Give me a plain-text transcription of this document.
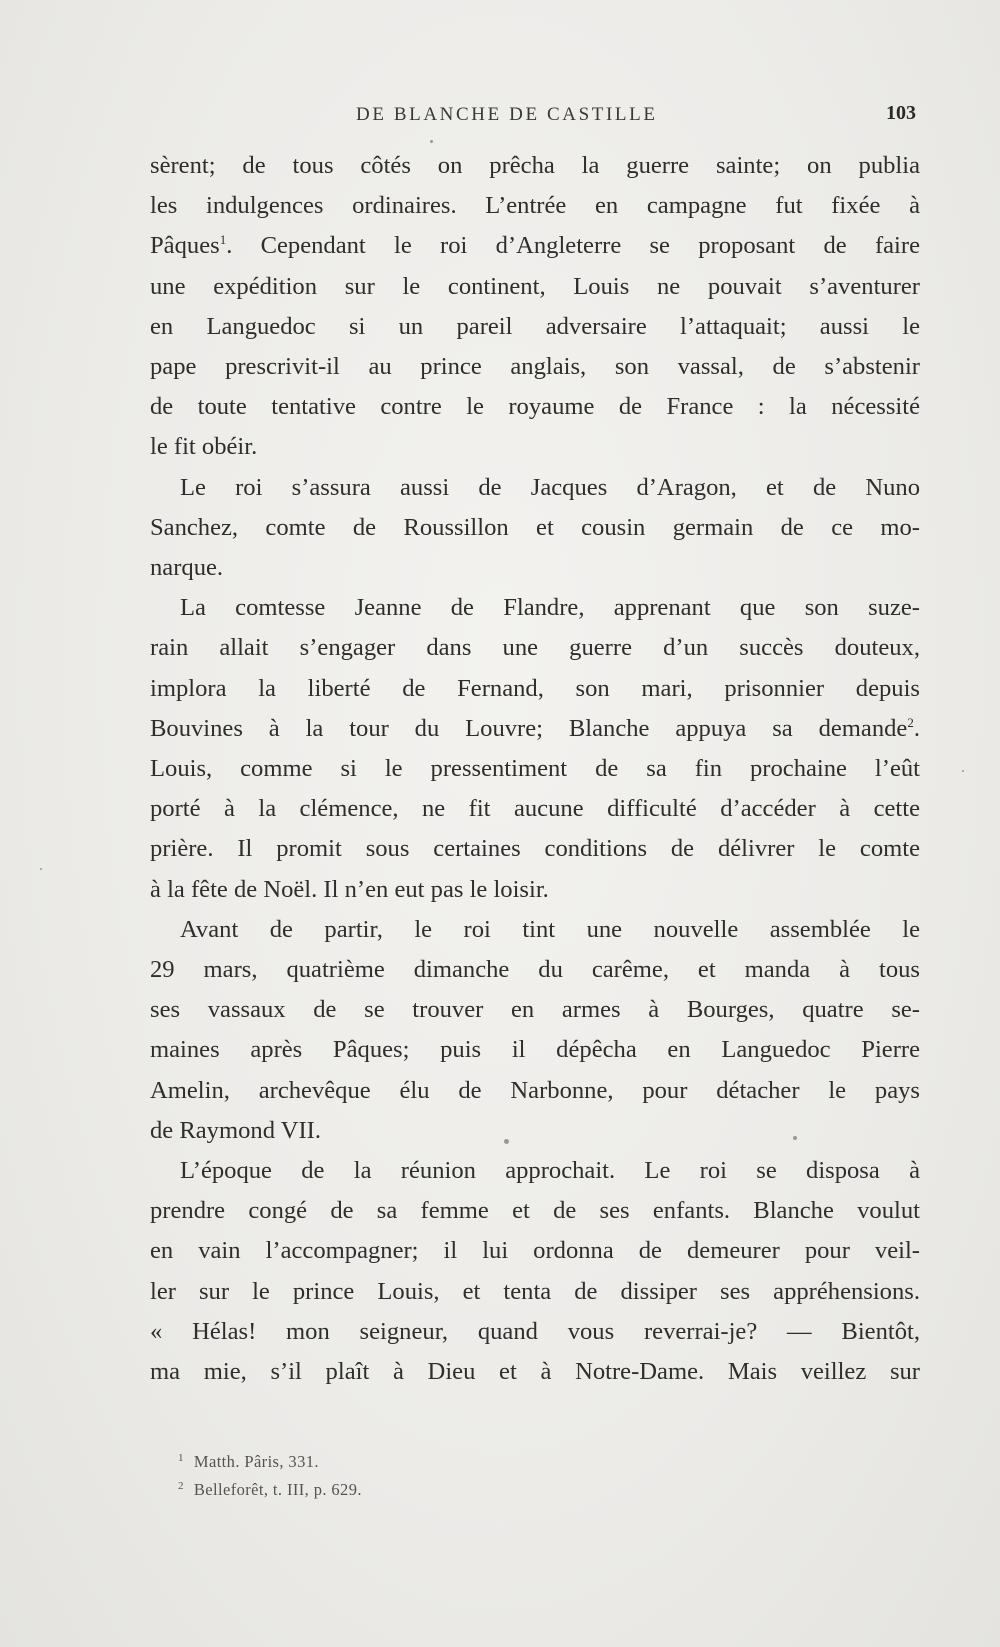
DE BLANCHE DE CASTILLE	103
sèrent; de tous côtés on prêcha la guerre sainte; on publia
les indulgences ordinaires. L’entrée en campagne fut fixée à
Pâques$^1$. Cependant le roi d’Angleterre se proposant de faire
une expédition sur le continent, Louis ne pouvait s’aventurer
en Languedoc si un pareil adversaire l’attaquait; aussi le
pape prescrivit-il au prince anglais, son vassal, de s’abstenir
de toute tentative contre le royaume de France : la nécessité
le fit obéir.
Le roi s’assura aussi de Jacques d’Aragon, et de Nuno
Sanchez, comte de Roussillon et cousin germain de ce mo-
narque.
La comtesse Jeanne de Flandre, apprenant que son suze-
rain allait s’engager dans une guerre d’un succès douteux,
implora la liberté de Fernand, son mari, prisonnier depuis
Bouvines à la tour du Louvre; Blanche appuya sa demande$^2$.
Louis, comme si le pressentiment de sa fin prochaine l’eût
porté à la clémence, ne fit aucune difficulté d’accéder à cette
prière. Il promit sous certaines conditions de délivrer le comte
à la fête de Noël. Il n’en eut pas le loisir.
Avant de partir, le roi tint une nouvelle assemblée le
29 mars, quatrième dimanche du carême, et manda à tous
ses vassaux de se trouver en armes à Bourges, quatre se-
maines après Pâques; puis il dépêcha en Languedoc Pierre
Amelin, archevêque élu de Narbonne, pour détacher le pays
de Raymond VII.
L’époque de la réunion approchait. Le roi se disposa à
prendre congé de sa femme et de ses enfants. Blanche voulut
en vain l’accompagner; il lui ordonna de demeurer pour veil-
ler sur le prince Louis, et tenta de dissiper ses appréhensions.
« Hélas! mon seigneur, quand vous reverrai-je? — Bientôt,
ma mie, s’il plaît à Dieu et à Notre-Dame. Mais veillez sur
$^1$ Matth. Pâris, 331.
$^2$ Belleforêt, t. III, p. 629.
